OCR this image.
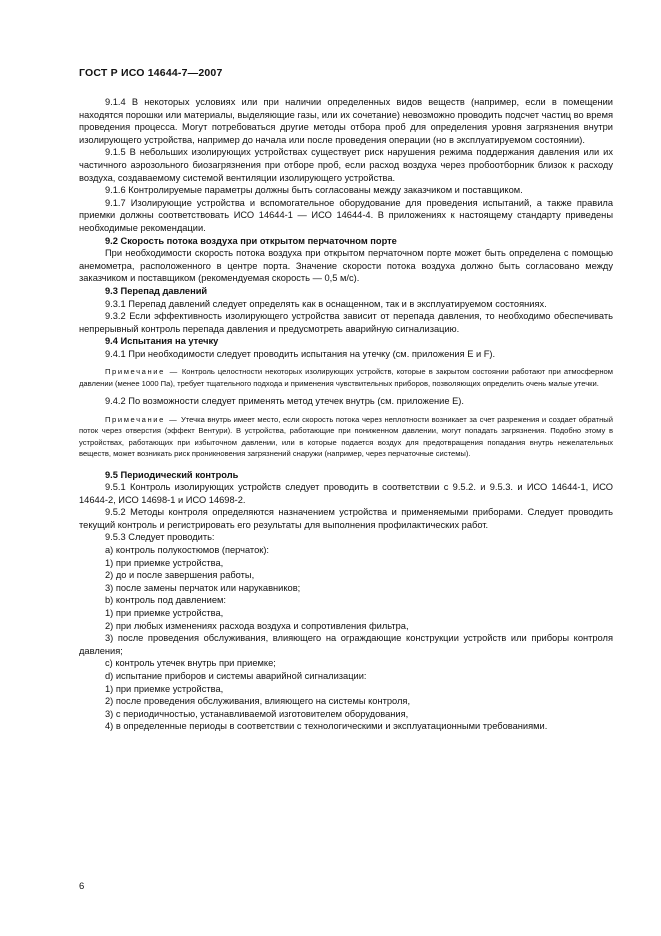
ГОСТ Р ИСО 14644-7—2007

9.1.4 В некоторых условиях или при наличии определенных видов веществ (например, если в помещении находятся порошки или материалы, выделяющие газы, или их сочетание) невозможно проводить подсчет частиц во время проведения процесса. Могут потребоваться другие методы отбора проб для определения уровня загрязнения внутри изолирующего устройства, например до начала или после проведения операции (но в эксплуатируемом состоянии).

9.1.5 В небольших изолирующих устройствах существует риск нарушения режима поддержания давления или их частичного аэрозольного биозагрязнения при отборе проб, если расход воздуха через пробоотборник близок к расходу воздуха, создаваемому системой вентиляции изолирующего устройства.

9.1.6 Контролируемые параметры должны быть согласованы между заказчиком и поставщиком.

9.1.7 Изолирующие устройства и вспомогательное оборудование для проведения испытаний, а также правила приемки должны соответствовать ИСО 14644-1 — ИСО 14644-4. В приложениях к настоящему стандарту приведены необходимые рекомендации.

9.2 Скорость потока воздуха при открытом перчаточном порте

При необходимости скорость потока воздуха при открытом перчаточном порте может быть определена с помощью анемометра, расположенного в центре порта. Значение скорости потока воздуха должно быть согласовано между заказчиком и поставщиком (рекомендуемая скорость — 0,5 м/с).

9.3 Перепад давлений

9.3.1 Перепад давлений следует определять как в оснащенном, так и в эксплуатируемом состояниях.

9.3.2 Если эффективность изолирующего устройства зависит от перепада давления, то необходимо обеспечивать непрерывный контроль перепада давления и предусмотреть аварийную сигнализацию.

9.4 Испытания на утечку

9.4.1 При необходимости следует проводить испытания на утечку (см. приложения Е и F).

Примечание — Контроль целостности некоторых изолирующих устройств, которые в закрытом состоянии работают при атмосферном давлении (менее 1000 Па), требует тщательного подхода и применения чувствительных приборов, позволяющих определить очень малые утечки.

9.4.2 По возможности следует применять метод утечек внутрь (см. приложение Е).

Примечание — Утечка внутрь имеет место, если скорость потока через неплотности возникает за счет разрежения и создает обратный поток через отверстия (эффект Вентури). В устройства, работающие при пониженном давлении, могут попадать загрязнения. Подобно этому в устройствах, работающих при избыточном давлении, или в которые подается воздух для предотвращения попадания внутрь нежелательных веществ, может возникать риск проникновения загрязнений снаружи (например, через перчаточные системы).

9.5 Периодический контроль

9.5.1 Контроль изолирующих устройств следует проводить в соответствии с 9.5.2. и 9.5.3. и ИСО 14644-1, ИСО 14644-2, ИСО 14698-1 и ИСО 14698-2.

9.5.2 Методы контроля определяются назначением устройства и применяемыми приборами. Следует проводить текущий контроль и регистрировать его результаты для выполнения профилактических работ.

9.5.3 Следует проводить:

а) контроль полукостюмов (перчаток):

1) при приемке устройства,

2) до и после завершения работы,

3) после замены перчаток или нарукавников;

b) контроль под давлением:

1) при приемке устройства,

2) при любых изменениях расхода воздуха и сопротивления фильтра,

3) после проведения обслуживания, влияющего на ограждающие конструкции устройств или приборы контроля давления;

c) контроль утечек внутрь при приемке;

d) испытание приборов и системы аварийной сигнализации:

1) при приемке устройства,

2) после проведения обслуживания, влияющего на системы контроля,

3) с периодичностью, устанавливаемой изготовителем оборудования,

4) в определенные периоды в соответствии с технологическими и эксплуатационными требованиями.

6
